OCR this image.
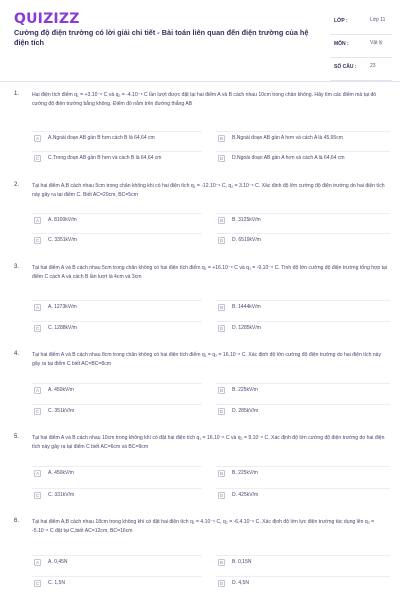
QUIZIZZ
Cường độ điện trường có lời giải chi tiết - Bài toán liên quan đến điện trường của hệ điện tích
LỚP :	Lớp 11
MÔN :	Vật lý
SỐ CÂU :	23
1.	Hai điện tích điểm q₁ = +3.10⁻⁸ C và q₂ = -4.10⁻⁸ C lần lượt được đặt tại hai điểm A và B cách nhau 10cm trong chân không. Hãy tìm các điểm mà tại đó cường độ điện trường bằng không. Điểm đó nằm trên đường thẳng AB
A	A.Ngoài đoạn AB gần B hơn cách B là 64,64 cm	B	B.Ngoài đoạn AB gần A hơn và cách A là 45,65cm
C	C.Trong đoạn AB gần B hơn và cách B là 64,64 cm	D	D.Ngoài đoạn AB gần A hơn và cách A là 64,64 cm
2.	Tại hai điểm A,B cách nhau 5cm trong chân không khi có hai điện tích q₁ = -12.10⁻⁶ C, q₂ = 3.10⁻⁶ C. Xác định độ lớn cường độ điện trường do hai điện tích này gây ra tại điểm C. Biết AC=20cm, BC=5cm
A	A. 8100kV/m	B	B. 3125kV/m
C	C. 3351kV/m	D	D. 6519kV/m
3.	Tại hai điểm A và B cách nhau 5cm trong chân không có hai điện tích điểm q₁ = +16.10⁻⁸ C và q₂ = -9.10⁻⁸ C. Tính độ lớn cường độ điện trường tổng hợp tại điểm C cách A và cách B lần lượt là 4cm và 3cm
A	A. 1273kV/m	B	B. 1444kV/m
C	C. 1288kV/m	D	D. 1285kV/m
4.	Tại hai điểm A và B cách nhau 8cm trong chân không có hai điện tích điểm q₁ = q₂ = 16.10⁻⁸ C. Xác định độ lớn cường độ điện trường do hai điện tích này gây ra tại điểm C biết AC=BC=8cm
A	A. 450kV/m	B	B. 225kV/m
C	C. 351kV/m	D	D. 285kV/m
5.	Tại hai điểm A và B cách nhau 10cm trong không khí có đặt hai điện tích q₁ = 16.10⁻⁸ C và q₂ = 9.10⁻⁸ C. Xác định độ lớn cường độ điện trường do hai điện tích này gây ra tại điểm C biết AC=6cm và BC=9cm
A	A. 450kV/m	B	B. 225kV/m
C	C. 331kV/m	D	D. 425kV/m
6.	Tại hai điểm A,B cách nhau 18cm trong không khí có đặt hai điện tích q₁ = 4.10⁻⁶ C, q₂ = -6,4.10⁻⁶ C. Xác định độ lớn lực điện trường tác dụng lên q₃ = -5.10⁻⁸ C đặt tại C,biết AC=12cm, BC=16cm
A	A. 0,45N	B	B. 0,15N
C	C. 1,5N	D	D. 4,5N
